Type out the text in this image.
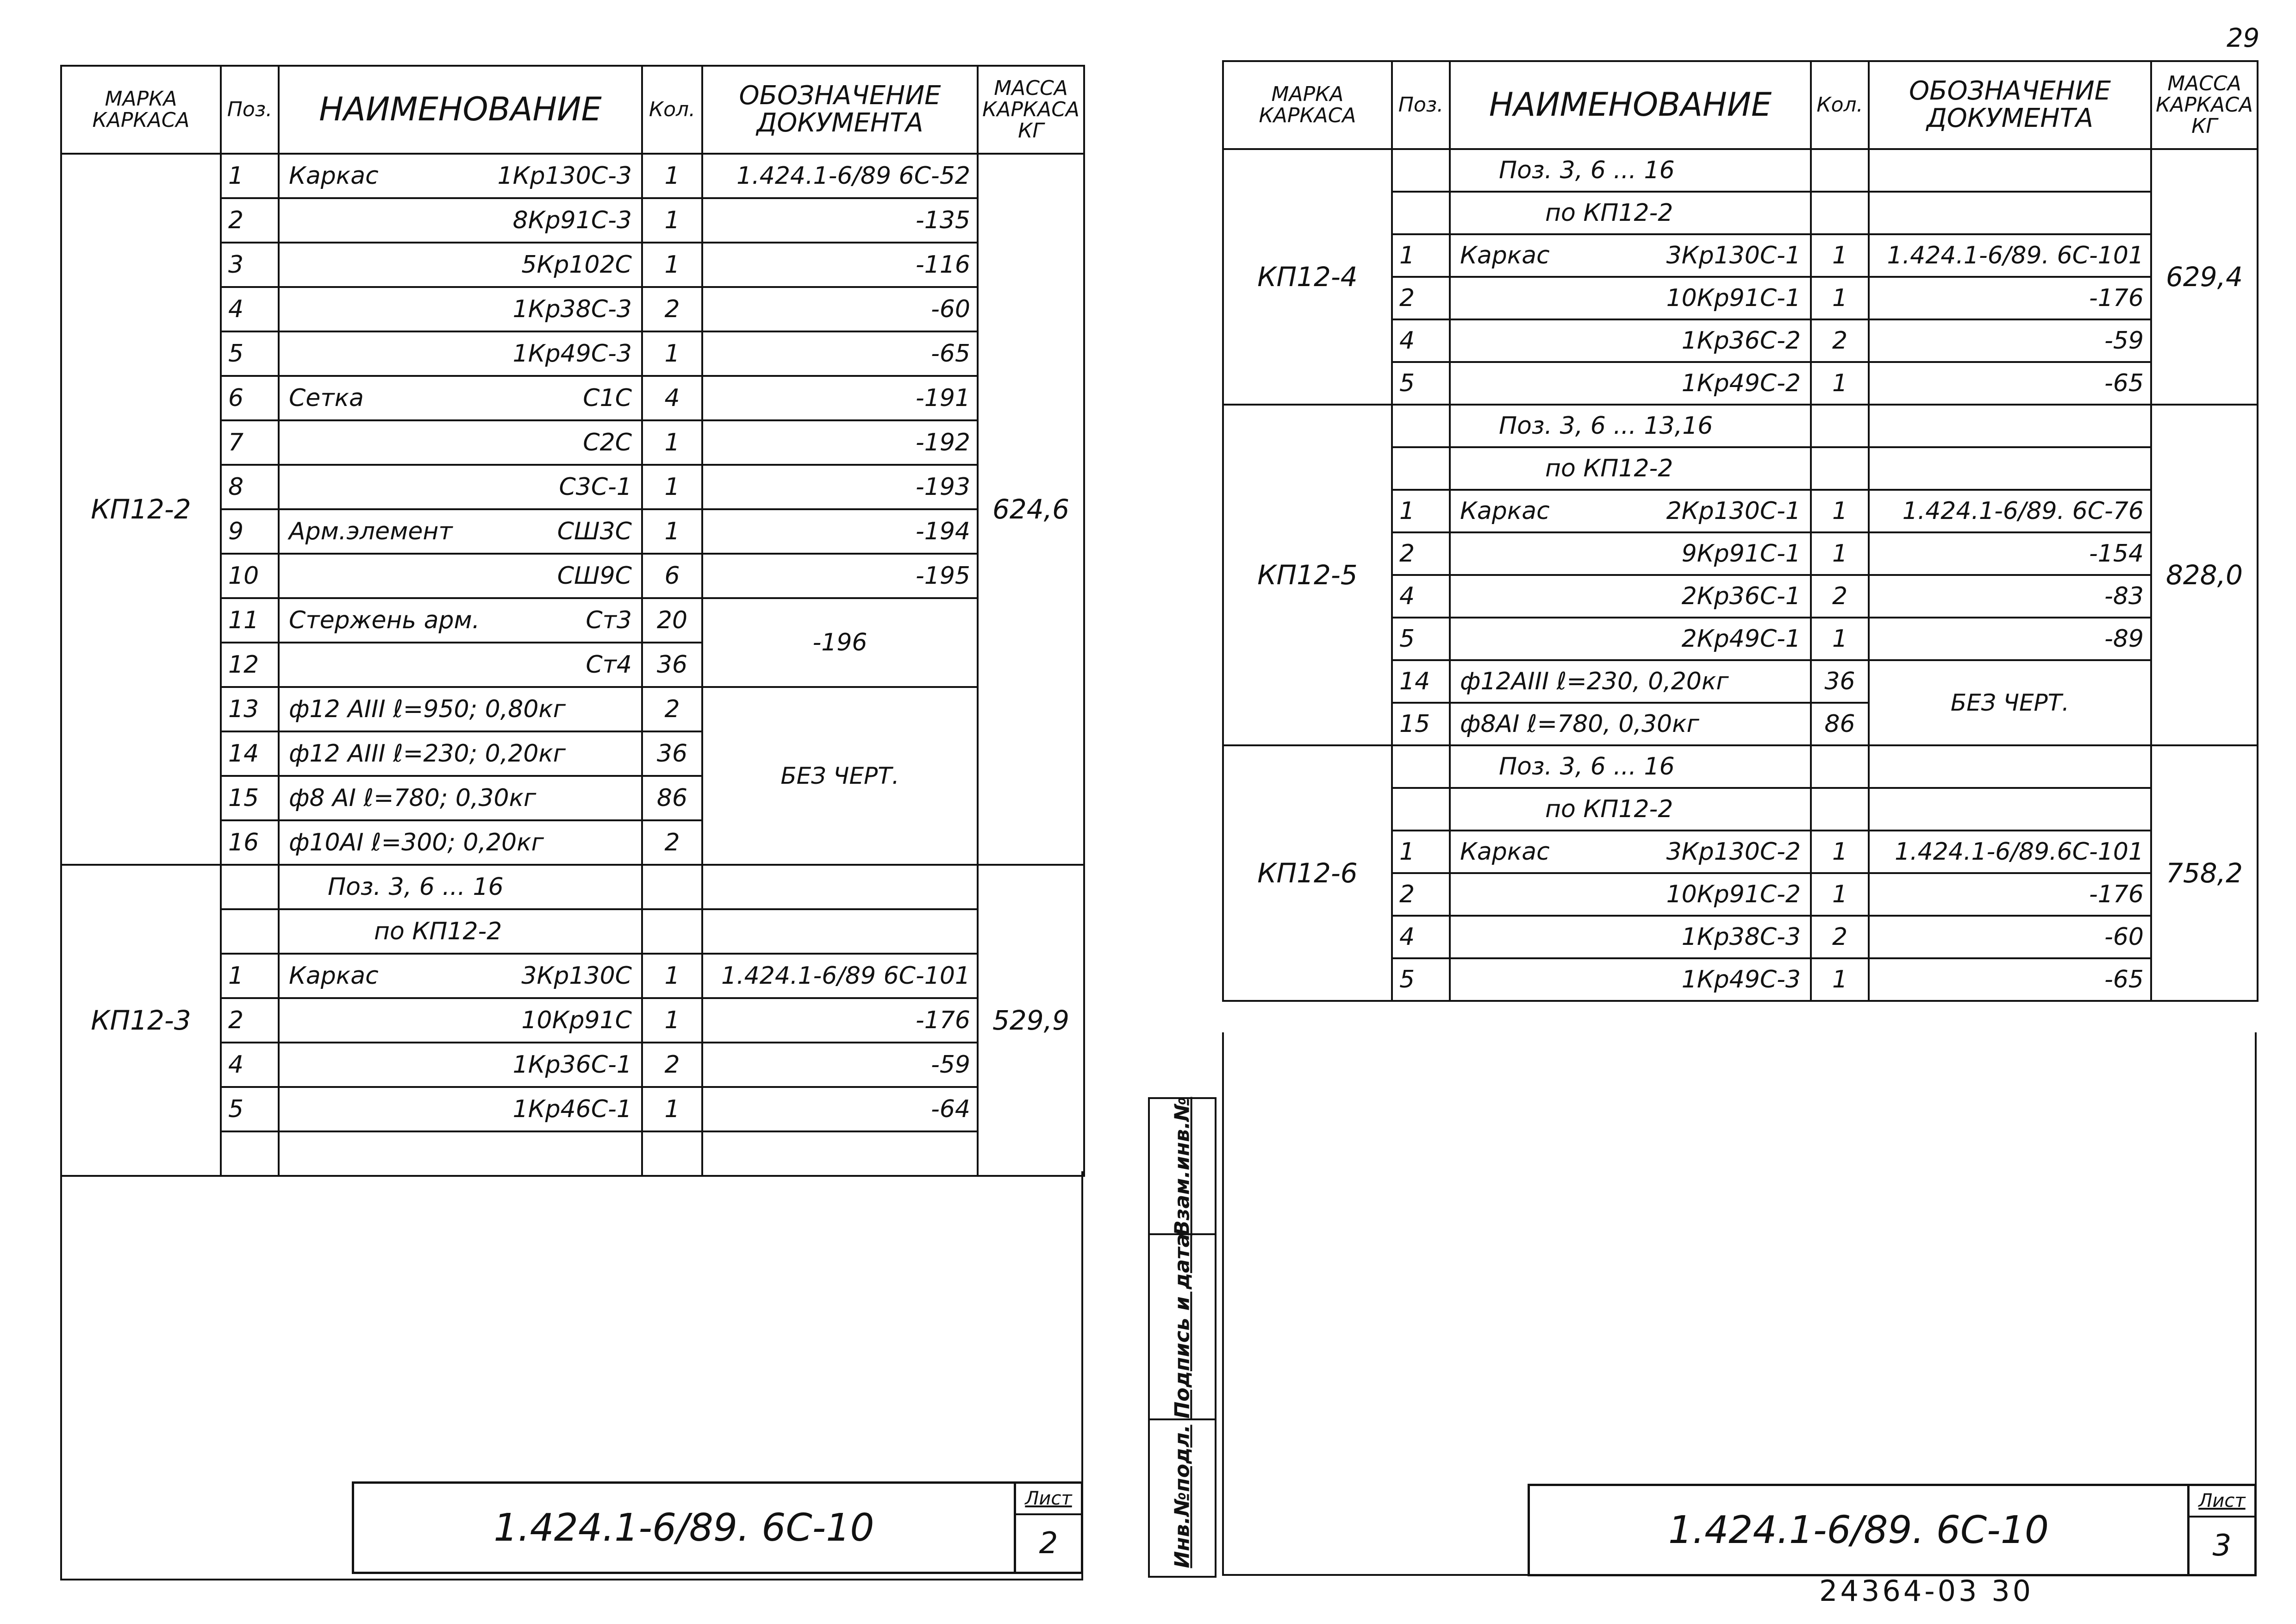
МАРКА КАРКАСА	Поз.	НАИМЕНОВАНИЕ	Кол.	ОБОЗНАЧЕНИЕ ДОКУМЕНТА	МАССА КАРКАСА КГ
КП12-2	1	Каркас 1Кр130С-3	1	1.424.1-6/89 6С-52	624,6
	2	8Кр91С-3	1	-135	
	3	5Кр102С	1	-116	
	4	1Кр38С-3	2	-60	
	5	1Кр49С-3	1	-65	
	6	Сетка С1С	4	-191	
	7	С2С	1	-192	
	8	С3С-1	1	-193	
	9	Арм.элемент СШ3С	1	-194	
	10	СШ9С	6	-195	
	11	Стержень арм. Ст3	20	-196	
	12	Ст4	36		
	13	ф12 АIII ℓ=950; 0,80кг	2	БЕЗ ЧЕРТ.	
	14	ф12 АIII ℓ=230; 0,20кг	36		
	15	ф8 АI ℓ=780; 0,30кг	86		
	16	ф10АI ℓ=300; 0,20кг	2		
КП12-3		Поз. 3, 6 ... 16			529,9

		по КП12-2			

	1	Каркас 3Кр130С	1	1.424.1-6/89 6С-101	
	2	10Кр91С	1	-176	
	4	1Кр36С-1	2	-59	
	5	1Кр46С-1	1	-64	

1.424.1-6/89. 6С-10
Лист
2
Взам.инв.№
Подпись и дата
Инв.№подл.
МАРКА КАРКАСА	Поз.	НАИМЕНОВАНИЕ	Кол.	ОБОЗНАЧЕНИЕ ДОКУМЕНТА	МАССА КАРКАСА КГ
КП12-4		Поз. 3, 6 ... 16			629,4

		по КП12-2			

	1	Каркас 3Кр130С-1	1	1.424.1-6/89. 6С-101	
	2	10Кр91С-1	1	-176	
	4	1Кр36С-2	2	-59	
	5	1Кр49С-2	1	-65	
КП12-5		Поз. 3, 6 ... 13,16			828,0

		по КП12-2			

	1	Каркас 2Кр130С-1	1	1.424.1-6/89. 6С-76	
	2	9Кр91С-1	1	-154	
	4	2Кр36С-1	2	-83	
	5	2Кр49С-1	1	-89	
	14	ф12АIII ℓ=230, 0,20кг	36	БЕЗ ЧЕРТ.	
	15	ф8АI ℓ=780, 0,30кг	86		
КП12-6		Поз. 3, 6 ... 16			758,2

		по КП12-2			

	1	Каркас 3Кр130С-2	1	1.424.1-6/89.6С-101	
	2	10Кр91С-2	1	-176	
	4	1Кр38С-3	2	-60	
	5	1Кр49С-3	1	-65	
1.424.1-6/89. 6С-10
Лист
3
29
24364-03 30
